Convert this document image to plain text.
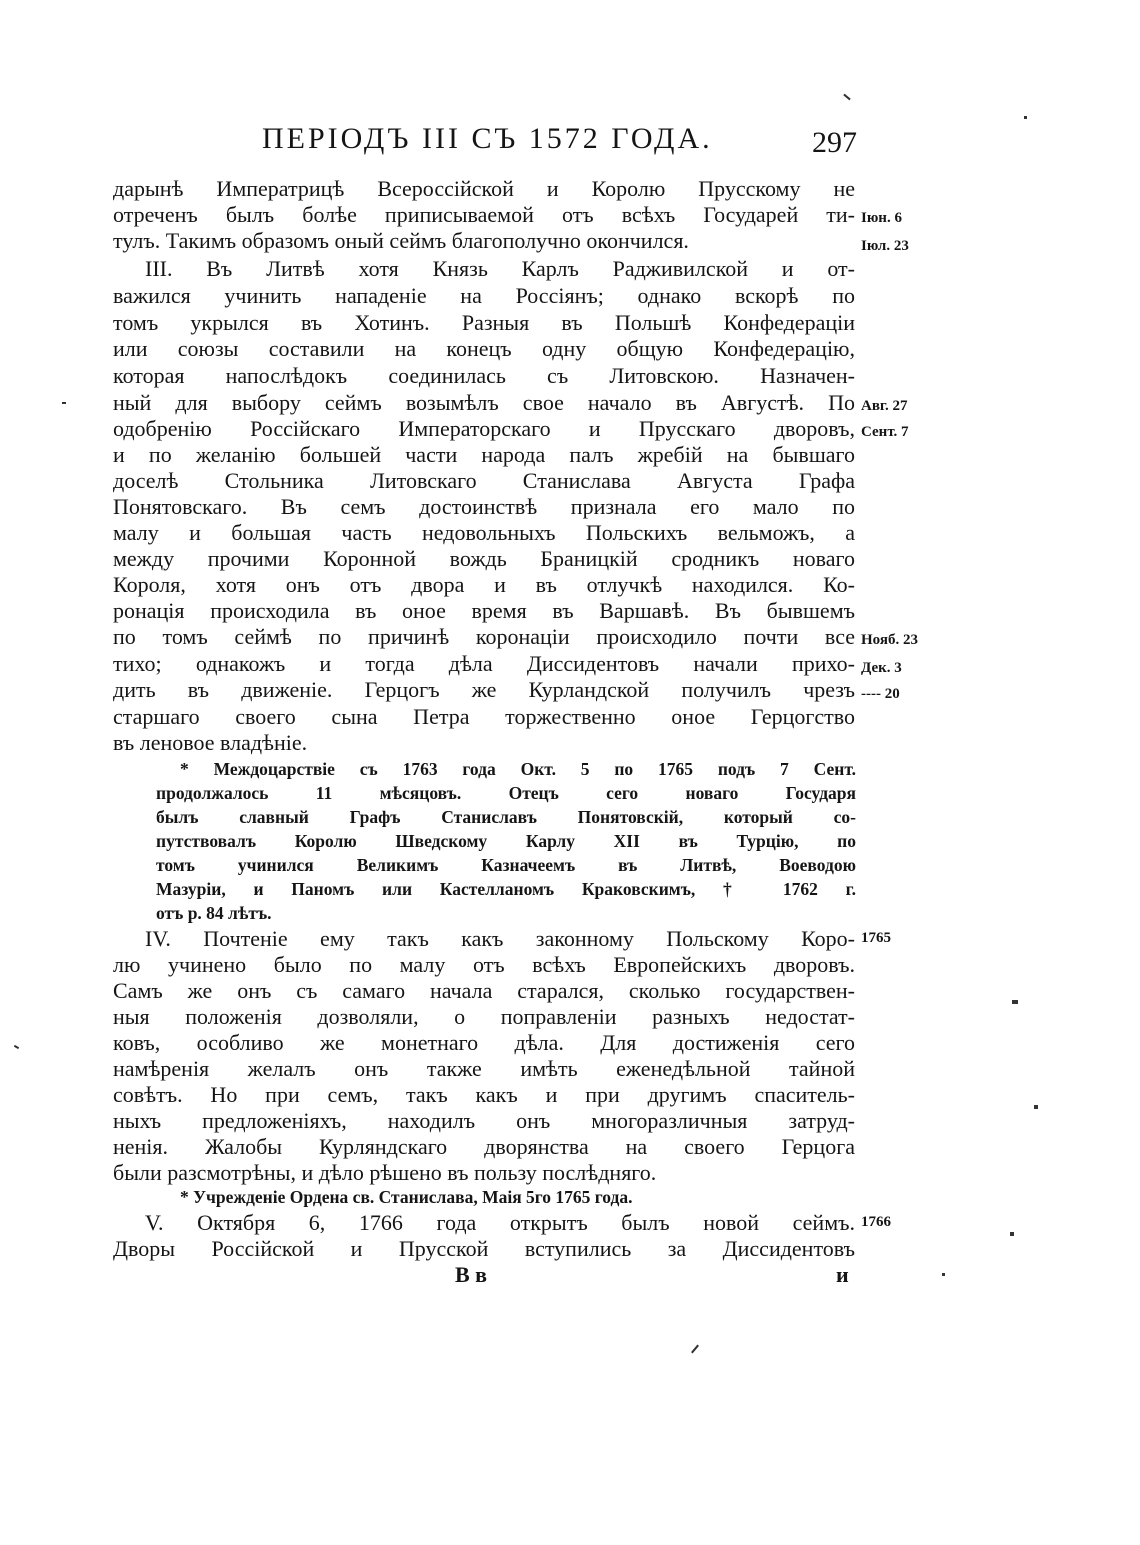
ПЕРІОДЪ III СЪ 1572 ГОДА.	297
дарынѣ Императрицѣ Всероссійской и Королю Прусскому не
отреченъ былъ болѣе приписываемой отъ всѣхъ Государей ти-
тулъ. Такимъ образомъ оный сеймъ благополучно окончился.
III. Въ Литвѣ хотя Князь Карлъ Радживилской и от-
важился учинить нападеніе на Россіянъ; однако вскорѣ по
томъ укрылся въ Хотинъ. Разныя въ Польшѣ Конфедераціи
или союзы составили на конецъ одну общую Конфедерацію,
которая напослѣдокъ соединилась съ Литовскою. Назначен-
ный для выбору сеймъ возымѣлъ свое начало въ Августѣ. По
одобренію Россійскаго Императорскаго и Прусскаго дворовъ,
и по желанію большей части народа палъ жребій на бывшаго
доселѣ Стольника Литовскаго Станислава Августа Графа
Понятовскаго. Въ семъ достоинствѣ признала его мало по
малу и большая часть недовольныхъ Польскихъ вельможъ, а
между прочими Коронной вождь Браницкій сродникъ новаго
Короля, хотя онъ отъ двора и въ отлучкѣ находился. Ко-
ронація происходила въ оное время въ Варшавѣ. Въ бывшемъ
по томъ сеймѣ по причинѣ коронаціи происходило почти все
тихо; однакожъ и тогда дѣла Диссидентовъ начали прихо-
дить въ движеніе. Герцогъ же Курландской получилъ чрезъ
старшаго своего сына Петра торжественно оное Герцогство
въ леновое владѣніе.
* Междоцарствіе съ 1763 года Окт. 5 по 1765 подъ 7 Сент.
продолжалось 11 мѣсяцовъ. Отецъ сего новаго Государя
былъ славный Графъ Станиславъ Понятовскій, который со-
путствовалъ Королю Шведскому Карлу XII въ Турцію, по
томъ учинился Великимъ Казначеемъ въ Литвѣ, Воеводою
Мазуріи, и Паномъ или Кастелланомъ Краковскимъ, † 1762 г.
отъ р. 84 лѣтъ.
IV. Почтеніе ему такъ какъ законному Польскому Коро-
лю учинено было по малу отъ всѣхъ Европейскихъ дворовъ.
Самъ же онъ съ самаго начала старался, сколько государствен-
ныя положенія дозволяли, о поправленіи разныхъ недостат-
ковъ, особливо же монетнаго дѣла. Для достиженія сего
намѣренія желалъ онъ также имѣть еженедѣльной тайной
совѣтъ. Но при семъ, такъ какъ и при другимъ спаситель-
ныхъ предложеніяхъ, находилъ онъ многоразличныя затруд-
ненія. Жалобы Курляндскаго дворянства на своего Герцога
были разсмотрѣны, и дѣло рѣшено въ пользу послѣдняго.
* Учрежденіе Ордена св. Станислава, Маія 5го 1765 года.
V. Октября 6, 1766 года открытъ былъ новой сеймъ.
Дворы Россійской и Прусской вступились за Диссидентовъ
В в	и
Іюн. 6
Іюл. 23
Авг. 27
Сент. 7
Нояб. 23
Дек. 3
---- 20
1765
1766
